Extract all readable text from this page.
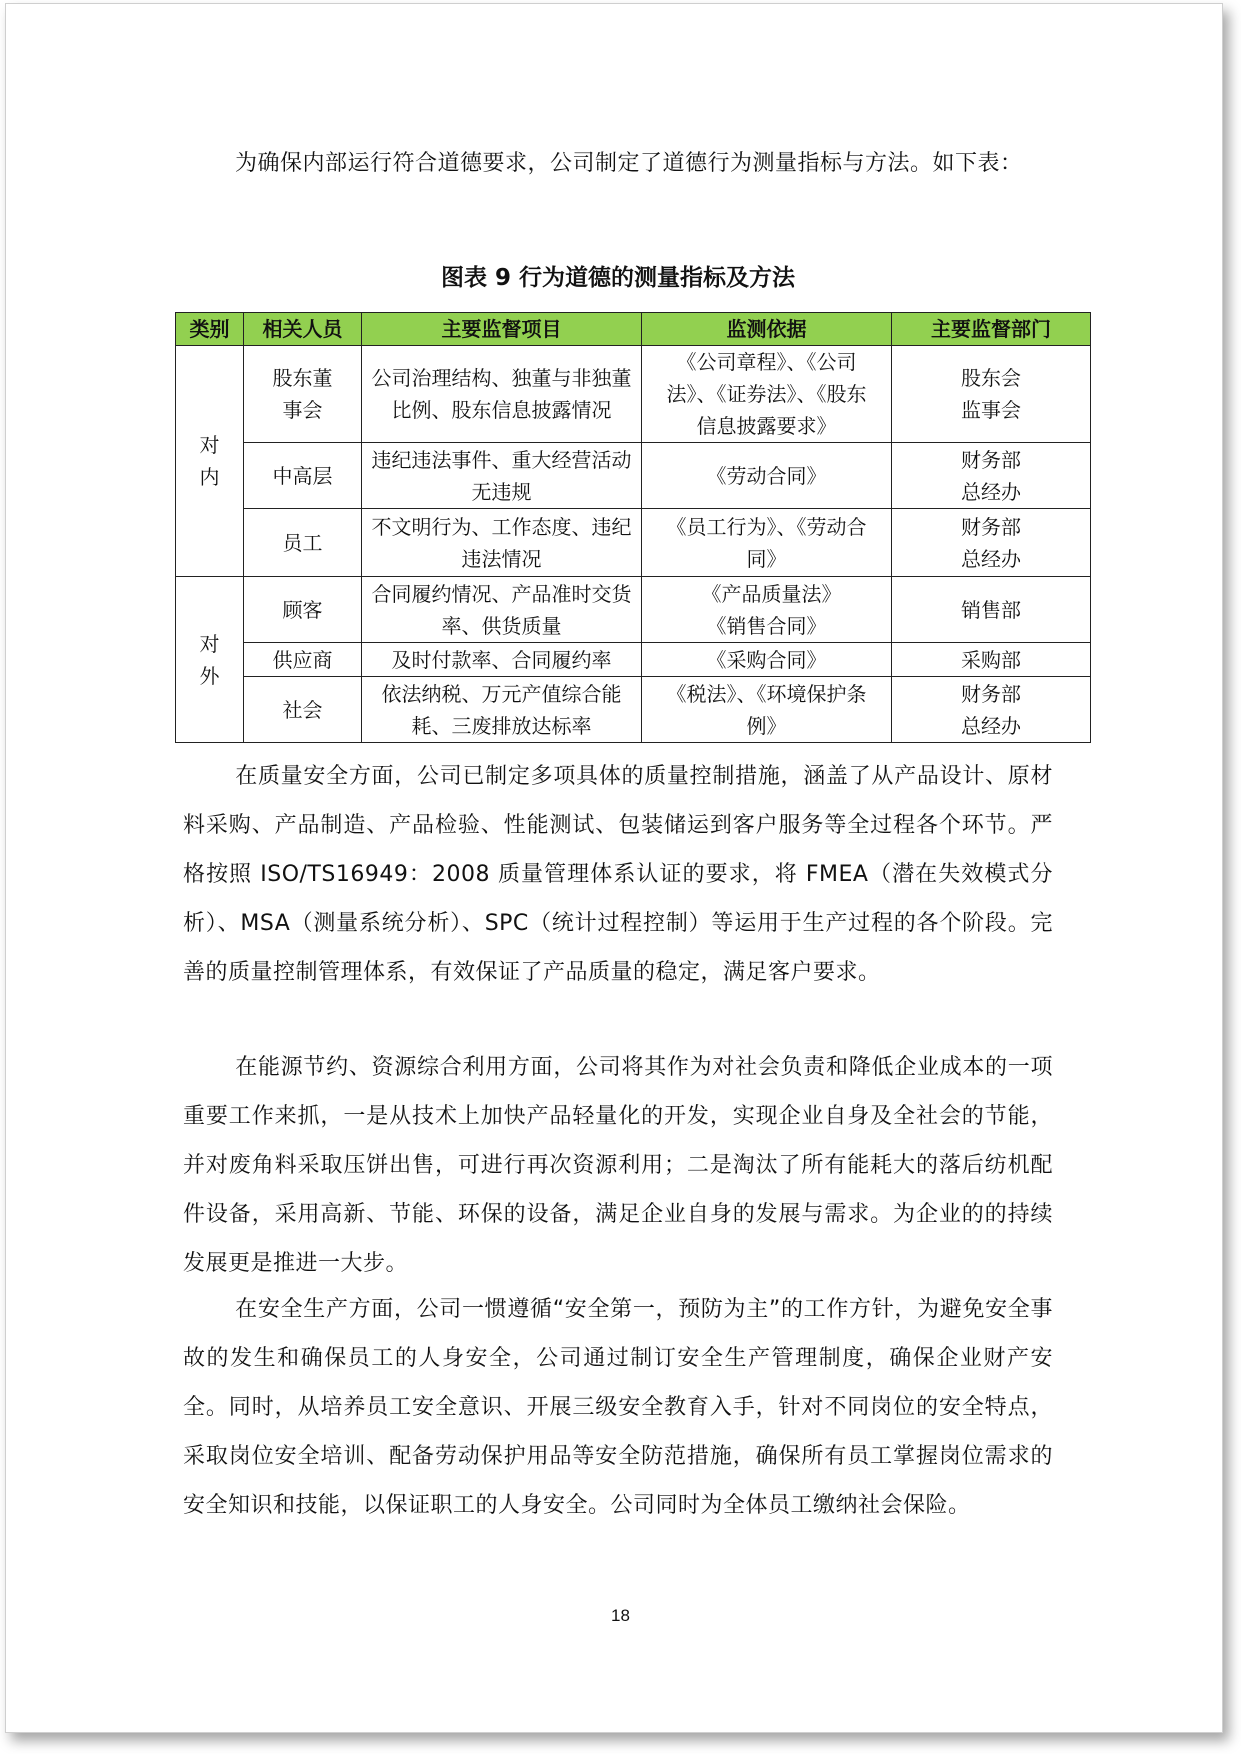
为确保内部运行符合道德要求，公司制定了道德行为测量指标与方法。如下表：

图表 9 行为道德的测量指标及方法

类别	相关人员	主要监督项目	监测依据	主要监督部门
对内	股东董事会	公司治理结构、独董与非独董比例、股东信息披露情况	《公司章程》、《公司法》、《证券法》、《股东信息披露要求》	股东会监事会
	中高层	违纪违法事件、重大经营活动无违规	《劳动合同》	财务部总经办
	员工	不文明行为、工作态度、违纪违法情况	《员工行为》、《劳动合同》	财务部总经办
对外	顾客	合同履约情况、产品准时交货率、供货质量	《产品质量法》《销售合同》	销售部
	供应商	及时付款率、合同履约率	《采购合同》	采购部
	社会	依法纳税、万元产值综合能耗、三废排放达标率	《税法》、《环境保护条例》	财务部总经办

在质量安全方面，公司已制定多项具体的质量控制措施，涵盖了从产品设计、原材料采购、产品制造、产品检验、性能测试、包装储运到客户服务等全过程各个环节。严格按照 ISO/TS16949：2008 质量管理体系认证的要求，将 FMEA（潜在失效模式分析）、MSA（测量系统分析）、SPC（统计过程控制）等运用于生产过程的各个阶段。完善的质量控制管理体系，有效保证了产品质量的稳定，满足客户要求。

在能源节约、资源综合利用方面，公司将其作为对社会负责和降低企业成本的一项重要工作来抓，一是从技术上加快产品轻量化的开发，实现企业自身及全社会的节能，并对废角料采取压饼出售，可进行再次资源利用；二是淘汰了所有能耗大的落后纺机配件设备，采用高新、节能、环保的设备，满足企业自身的发展与需求。为企业的的持续发展更是推进一大步。

在安全生产方面，公司一惯遵循“安全第一，预防为主”的工作方针，为避免安全事故的发生和确保员工的人身安全，公司通过制订安全生产管理制度，确保企业财产安全。同时，从培养员工安全意识、开展三级安全教育入手，针对不同岗位的安全特点，采取岗位安全培训、配备劳动保护用品等安全防范措施，确保所有员工掌握岗位需求的安全知识和技能，以保证职工的人身安全。公司同时为全体员工缴纳社会保险。

18
